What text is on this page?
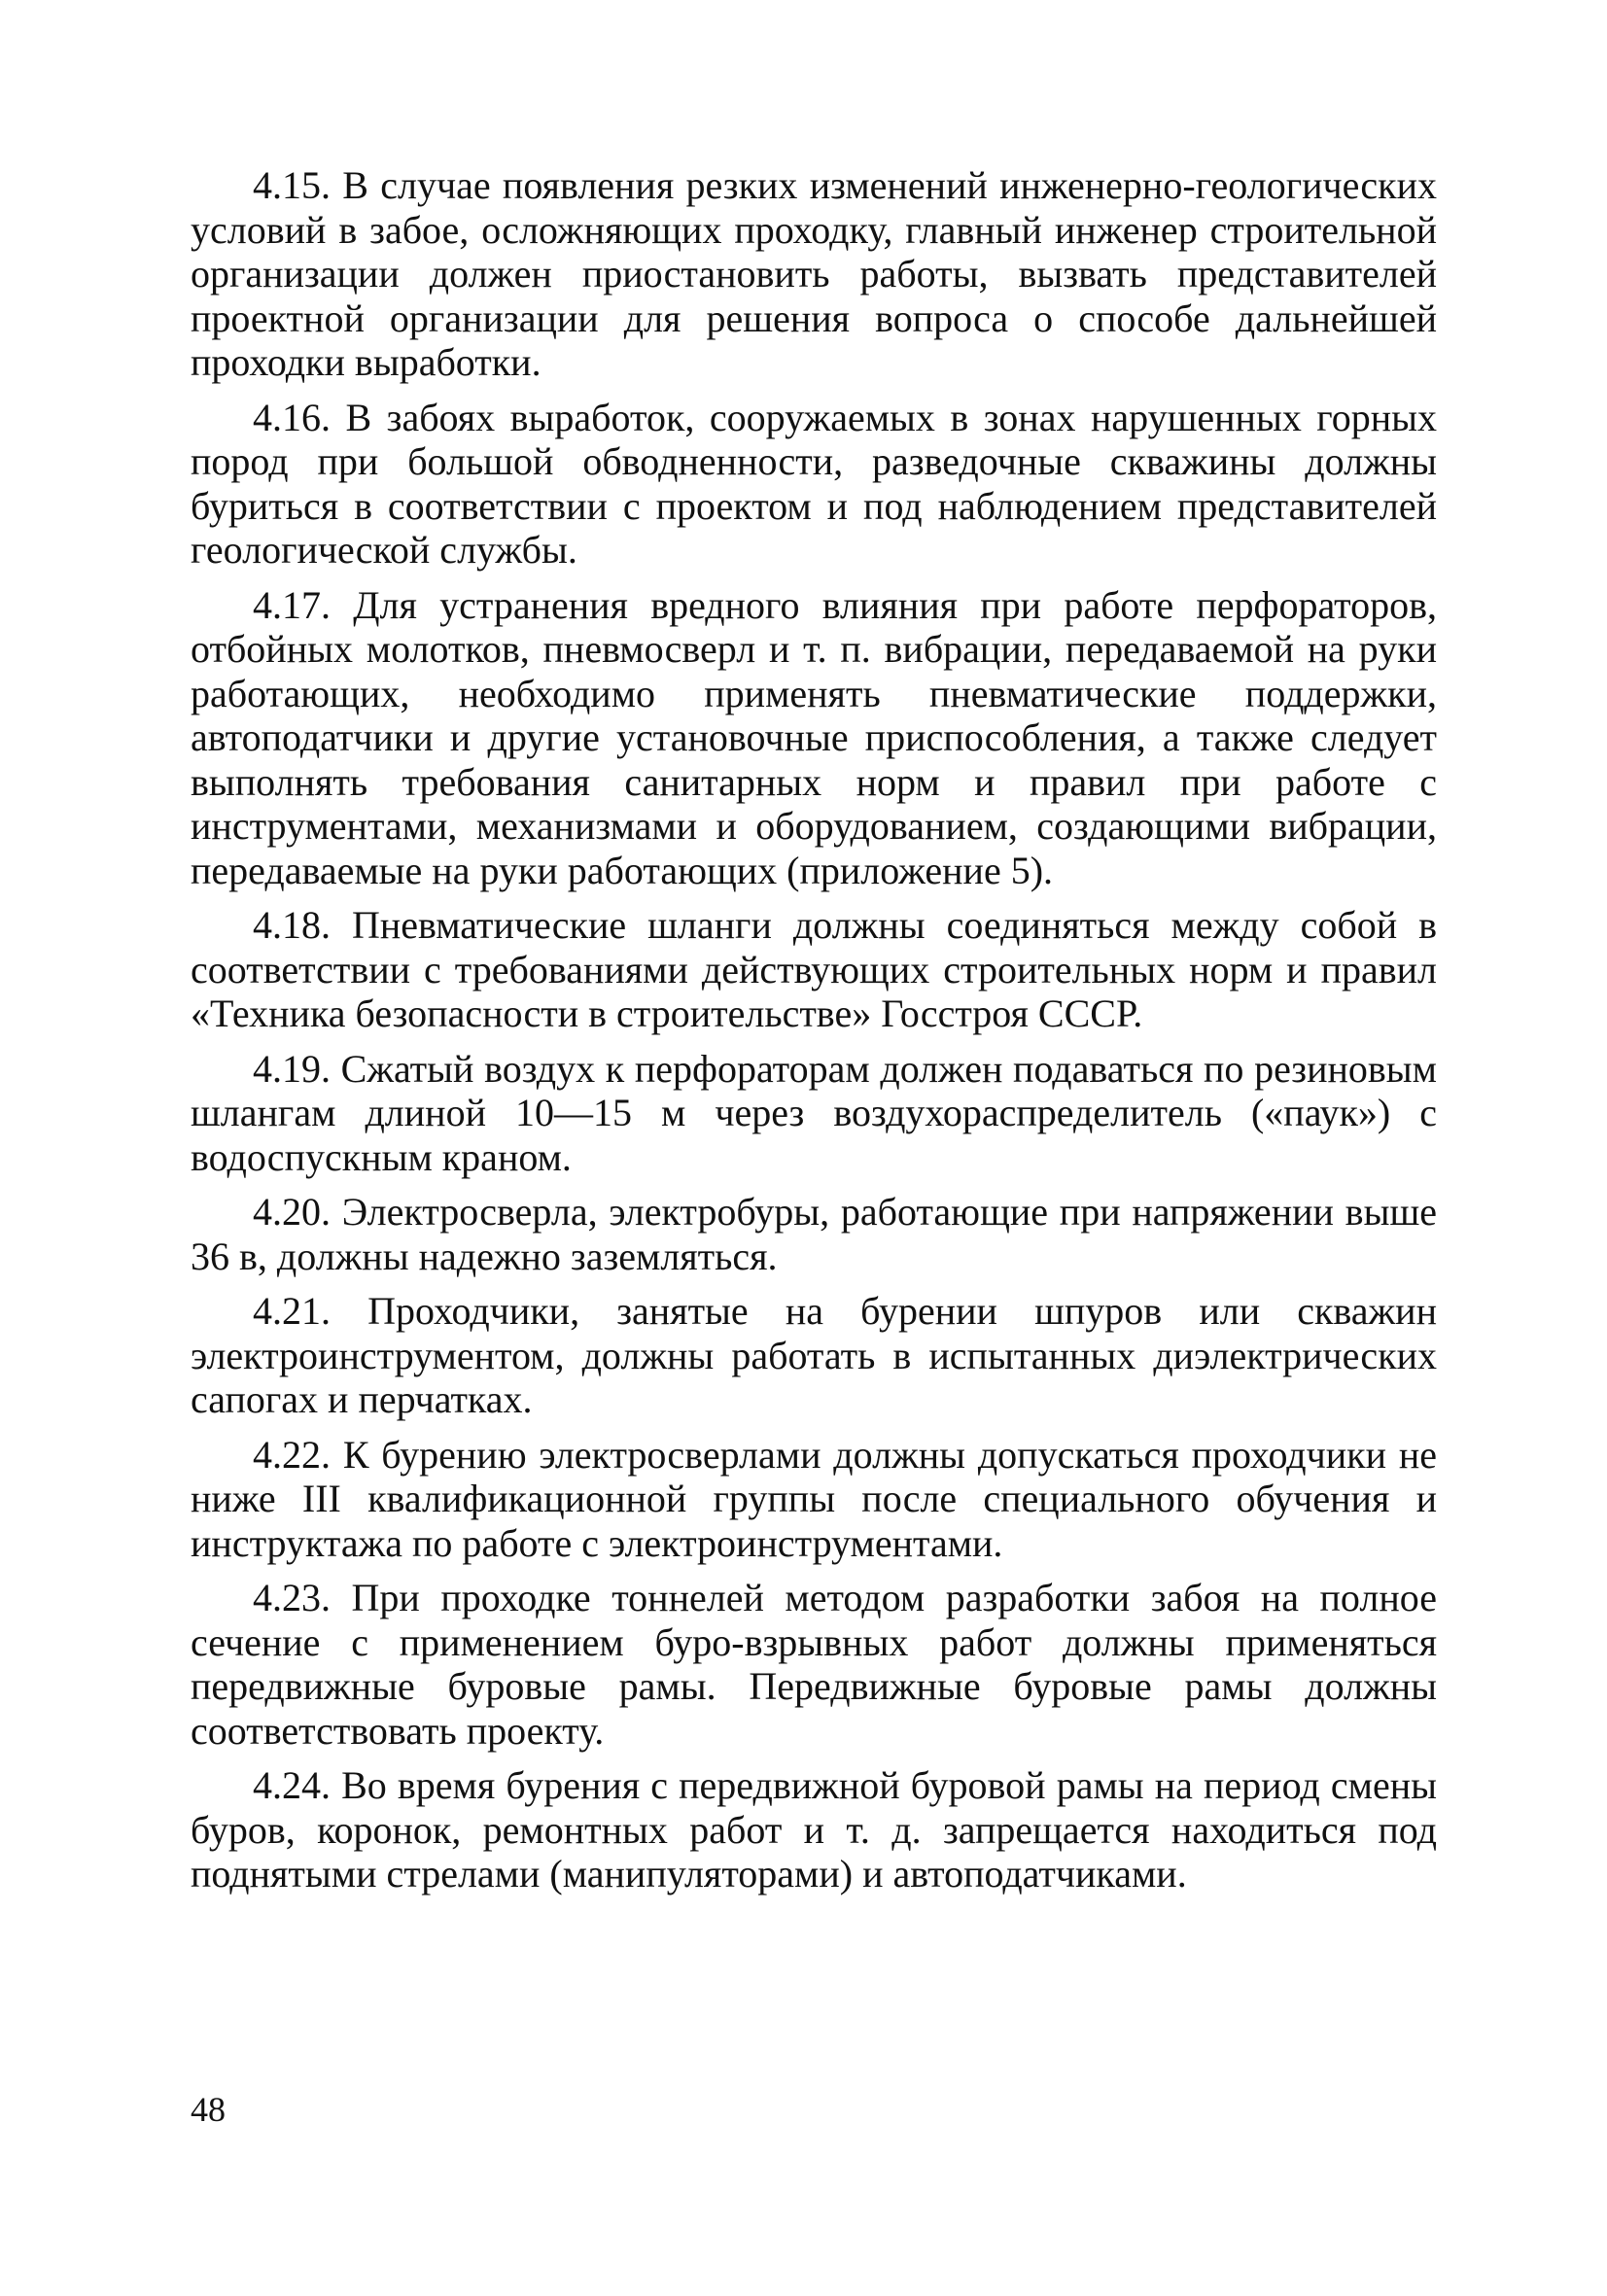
4.15. В случае появления резких изменений инженерно-геологических условий в забое, осложняющих проходку, главный инженер строительной организации должен приостановить работы, вызвать представителей проектной организации для решения вопроса о способе дальнейшей проходки выработки.

4.16. В забоях выработок, сооружаемых в зонах нарушенных горных пород при большой обводненности, разведочные скважины должны буриться в соответствии с проектом и под наблюдением представителей геологической службы.

4.17. Для устранения вредного влияния при работе перфораторов, отбойных молотков, пневмосверл и т. п. вибрации, передаваемой на руки работающих, необходимо применять пневматические поддержки, автоподатчики и другие установочные приспособления, а также следует выполнять требования санитарных норм и правил при работе с инструментами, механизмами и оборудованием, создающими вибрации, передаваемые на руки работающих (приложение 5).

4.18. Пневматические шланги должны соединяться между собой в соответствии с требованиями действующих строительных норм и правил «Техника безопасности в строительстве» Госстроя СССР.

4.19. Сжатый воздух к перфораторам должен подаваться по резиновым шлангам длиной 10—15 м через воздухораспределитель («паук») с водоспускным краном.

4.20. Электросверла, электробуры, работающие при напряжении выше 36 в, должны надежно заземляться.

4.21. Проходчики, занятые на бурении шпуров или скважин электроинструментом, должны работать в испытанных диэлектрических сапогах и перчатках.

4.22. К бурению электросверлами должны допускаться проходчики не ниже III квалификационной группы после специального обучения и инструктажа по работе с электроинструментами.

4.23. При проходке тоннелей методом разработки забоя на полное сечение с применением буро-взрывных работ должны применяться передвижные буровые рамы. Передвижные буровые рамы должны соответствовать проекту.

4.24. Во время бурения с передвижной буровой рамы на период смены буров, коронок, ремонтных работ и т. д. запрещается находиться под поднятыми стрелами (манипуляторами) и автоподатчиками.

48
